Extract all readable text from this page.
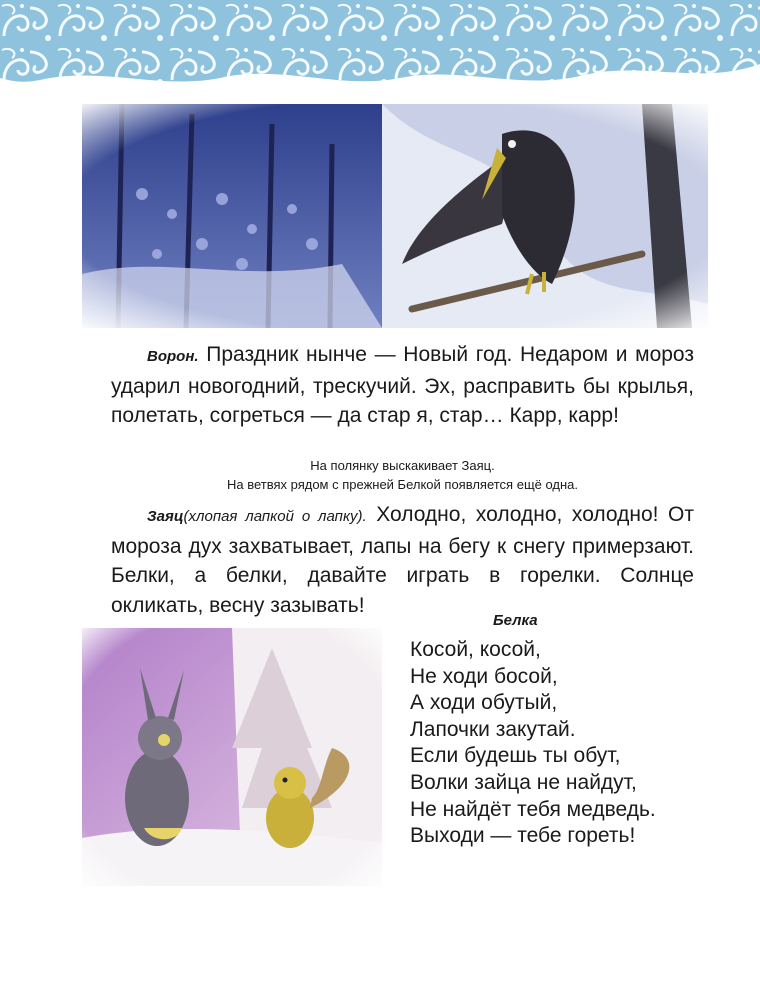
Ворон. Праздник нынче — Новый год. Недаром и мороз ударил новогодний, трескучий. Эх, расправить бы крылья, полетать, согреться — да стар я, стар… Карр, карр!

На полянку выскакивает Заяц.
На ветвях рядом с прежней Белкой появляется ещё одна.

Заяц(хлопая лапкой о лапку). Холодно, холодно, холодно! От мороза дух захватывает, лапы на бегу к снегу примерзают. Белки, а белки, давайте играть в горелки. Солнце окликать, весну зазывать!

Белка
Косой, косой,
Не ходи босой,
А ходи обутый,
Лапочки закутай.
Если будешь ты обут,
Волки зайца не найдут,
Не найдёт тебя медведь.
Выходи — тебе гореть!
